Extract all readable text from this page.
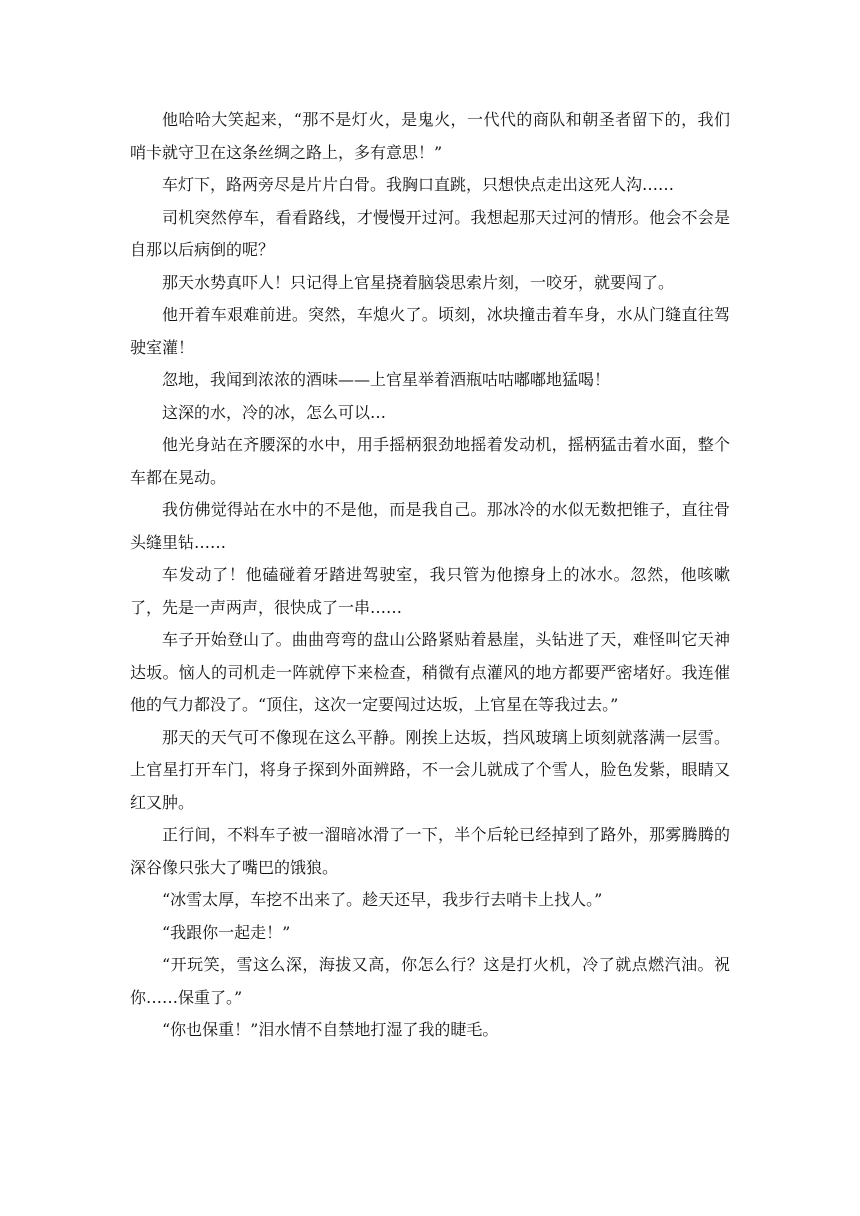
他哈哈大笑起来，“那不是灯火，是鬼火，一代代的商队和朝圣者留下的，我们哨卡就守卫在这条丝绸之路上，多有意思！”

车灯下，路两旁尽是片片白骨。我胸口直跳，只想快点走出这死人沟……

司机突然停车，看看路线，才慢慢开过河。我想起那天过河的情形。他会不会是自那以后病倒的呢？

那天水势真吓人！只记得上官星挠着脑袋思索片刻，一咬牙，就要闯了。

他开着车艰难前进。突然，车熄火了。顷刻，冰块撞击着车身，水从门缝直往驾驶室灌！

忽地，我闻到浓浓的酒味——上官星举着酒瓶咕咕嘟嘟地猛喝！

这深的水，冷的冰，怎么可以…

他光身站在齐腰深的水中，用手摇柄狠劲地摇着发动机，摇柄猛击着水面，整个车都在晃动。

我仿佛觉得站在水中的不是他，而是我自己。那冰冷的水似无数把锥子，直往骨头缝里钻……

车发动了！他磕碰着牙踏进驾驶室，我只管为他擦身上的冰水。忽然，他咳嗽了，先是一声两声，很快成了一串……

车子开始登山了。曲曲弯弯的盘山公路紧贴着悬崖，头钻进了天，难怪叫它天神达坂。恼人的司机走一阵就停下来检查，稍微有点灌风的地方都要严密堵好。我连催他的气力都没了。“顶住，这次一定要闯过达坂，上官星在等我过去。”

那天的天气可不像现在这么平静。刚挨上达坂，挡风玻璃上顷刻就落满一层雪。上官星打开车门，将身子探到外面辨路，不一会儿就成了个雪人，脸色发紫，眼睛又红又肿。

正行间，不料车子被一溜暗冰滑了一下，半个后轮已经掉到了路外，那雾腾腾的深谷像只张大了嘴巴的饿狼。

“冰雪太厚，车挖不出来了。趁天还早，我步行去哨卡上找人。”

“我跟你一起走！”

“开玩笑，雪这么深，海拔又高，你怎么行？这是打火机，冷了就点燃汽油。祝你……保重了。”

“你也保重！”泪水情不自禁地打湿了我的睫毛。
